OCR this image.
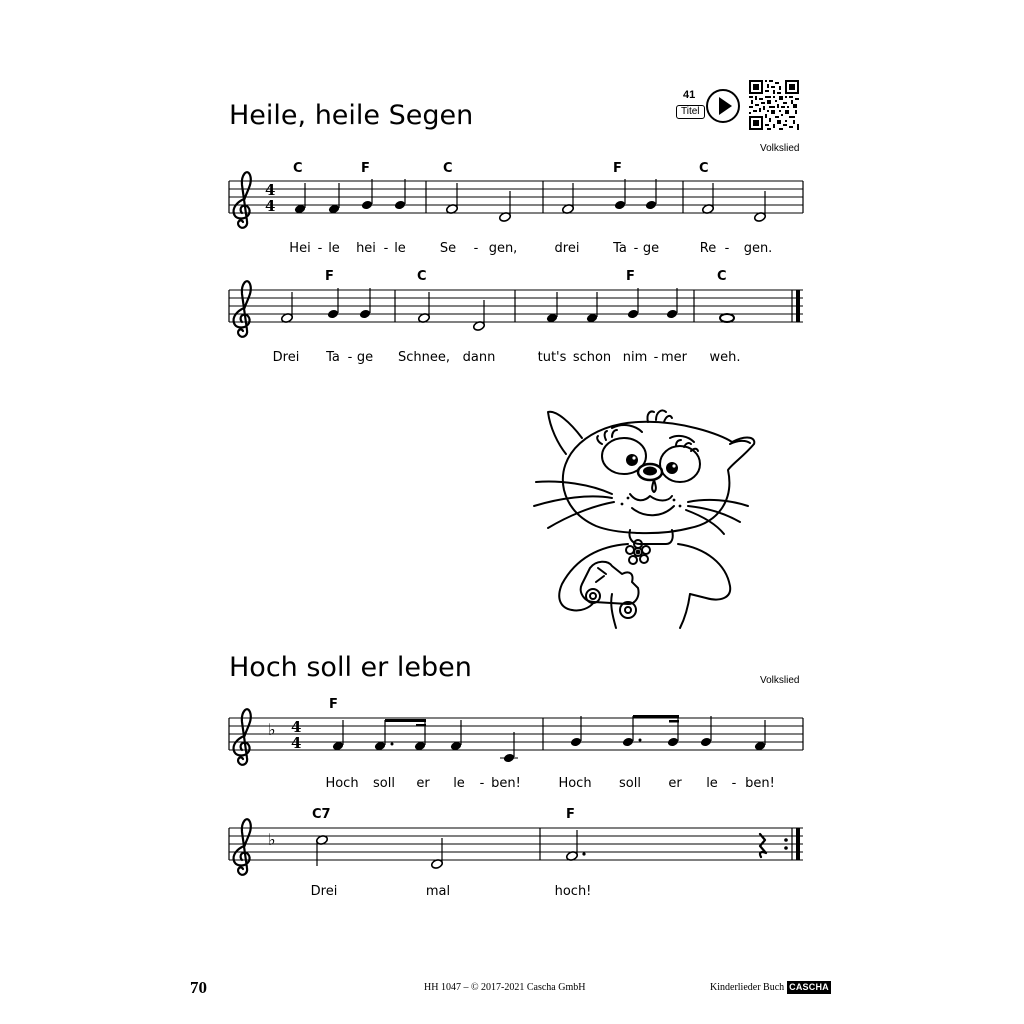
Heile, heile Segen
41
Titel
Volkslied
C	F	C	F	C
F	C	F	C
Hei - le hei - le	Se - gen,	drei	Ta - ge	Re - gen.
Drei Ta - ge Schnee, dann	tut's schon nim - mer weh.
Hoch soll er leben	Volkslied
F
C7	F
Hoch soll er le - ben!	Hoch soll er le - ben!
Drei	mal	hoch!
4
4
♭ 4
4
♭
70	HH 1047 – © 2017-2021 Cascha GmbH	Kinderlieder Buch CASCHA
